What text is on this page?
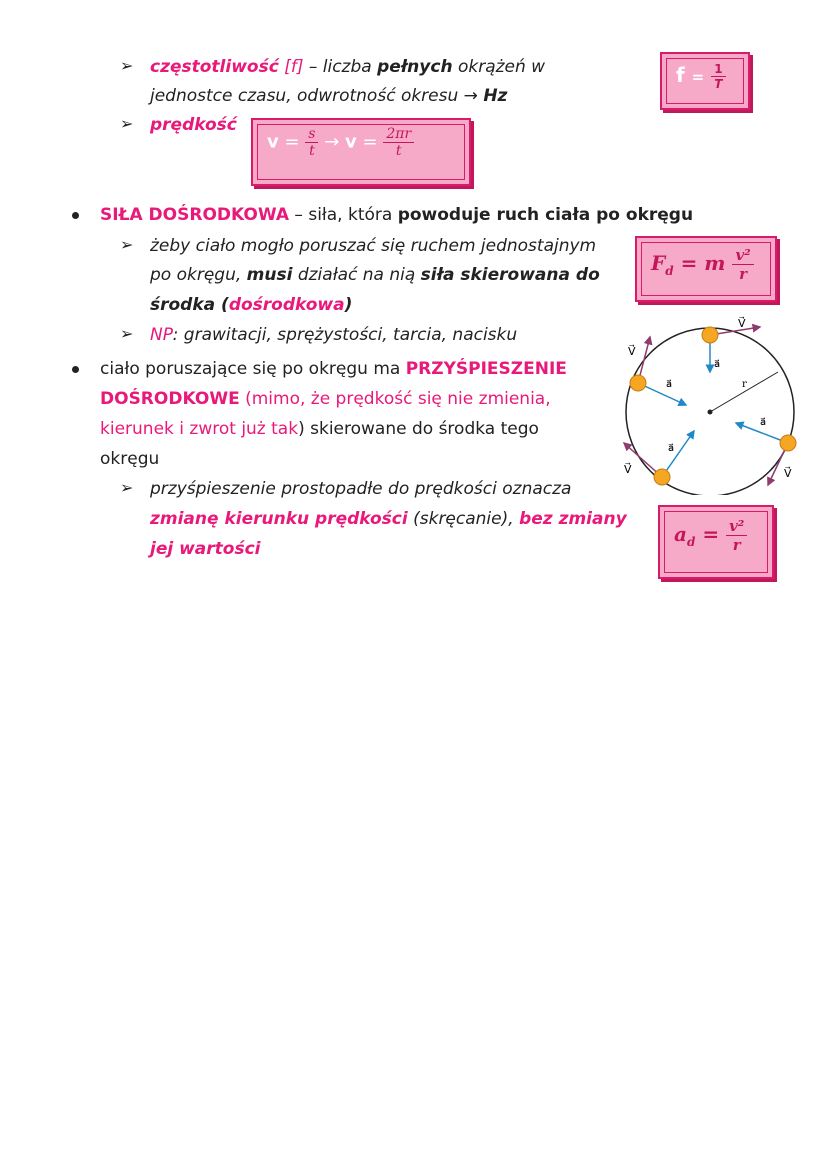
➢ częstotliwość [f] – liczba pełnych okrążeń w
jednostce czasu, odwrotność okresu → Hz
$f = \frac{1}{T}$
➢ prędkość
$v = \frac{s}{t} \to v = \frac{2\pi r}{t}$
SIŁA DOŚRODKOWA – siła, która powoduje ruch ciała po okręgu
➢ żeby ciało mogło poruszać się ruchem jednostajnym
po okręgu, musi działać na nią siła skierowana do
środka (dośrodkowa)
➢ NP: grawitacji, sprężystości, tarcia, nacisku
$F_d = m \frac{\text{v²}}{r}$
ciało poruszające się po okręgu ma PRZYŚPIESZENIE
DOŚRODKOWE (mimo, że prędkość się nie zmienia,
kierunek i zwrot już tak) skierowane do środka tego
okręgu
➢ przyśpieszenie prostopadłe do prędkości oznacza
zmianę kierunku prędkości (skręcanie), bez zmiany
jej wartości
$a_d = \frac{\text{v²}}{r}$
r
V⃗
V⃗
V⃗
V⃗
a⃗
a⃗
a⃗
a⃗
